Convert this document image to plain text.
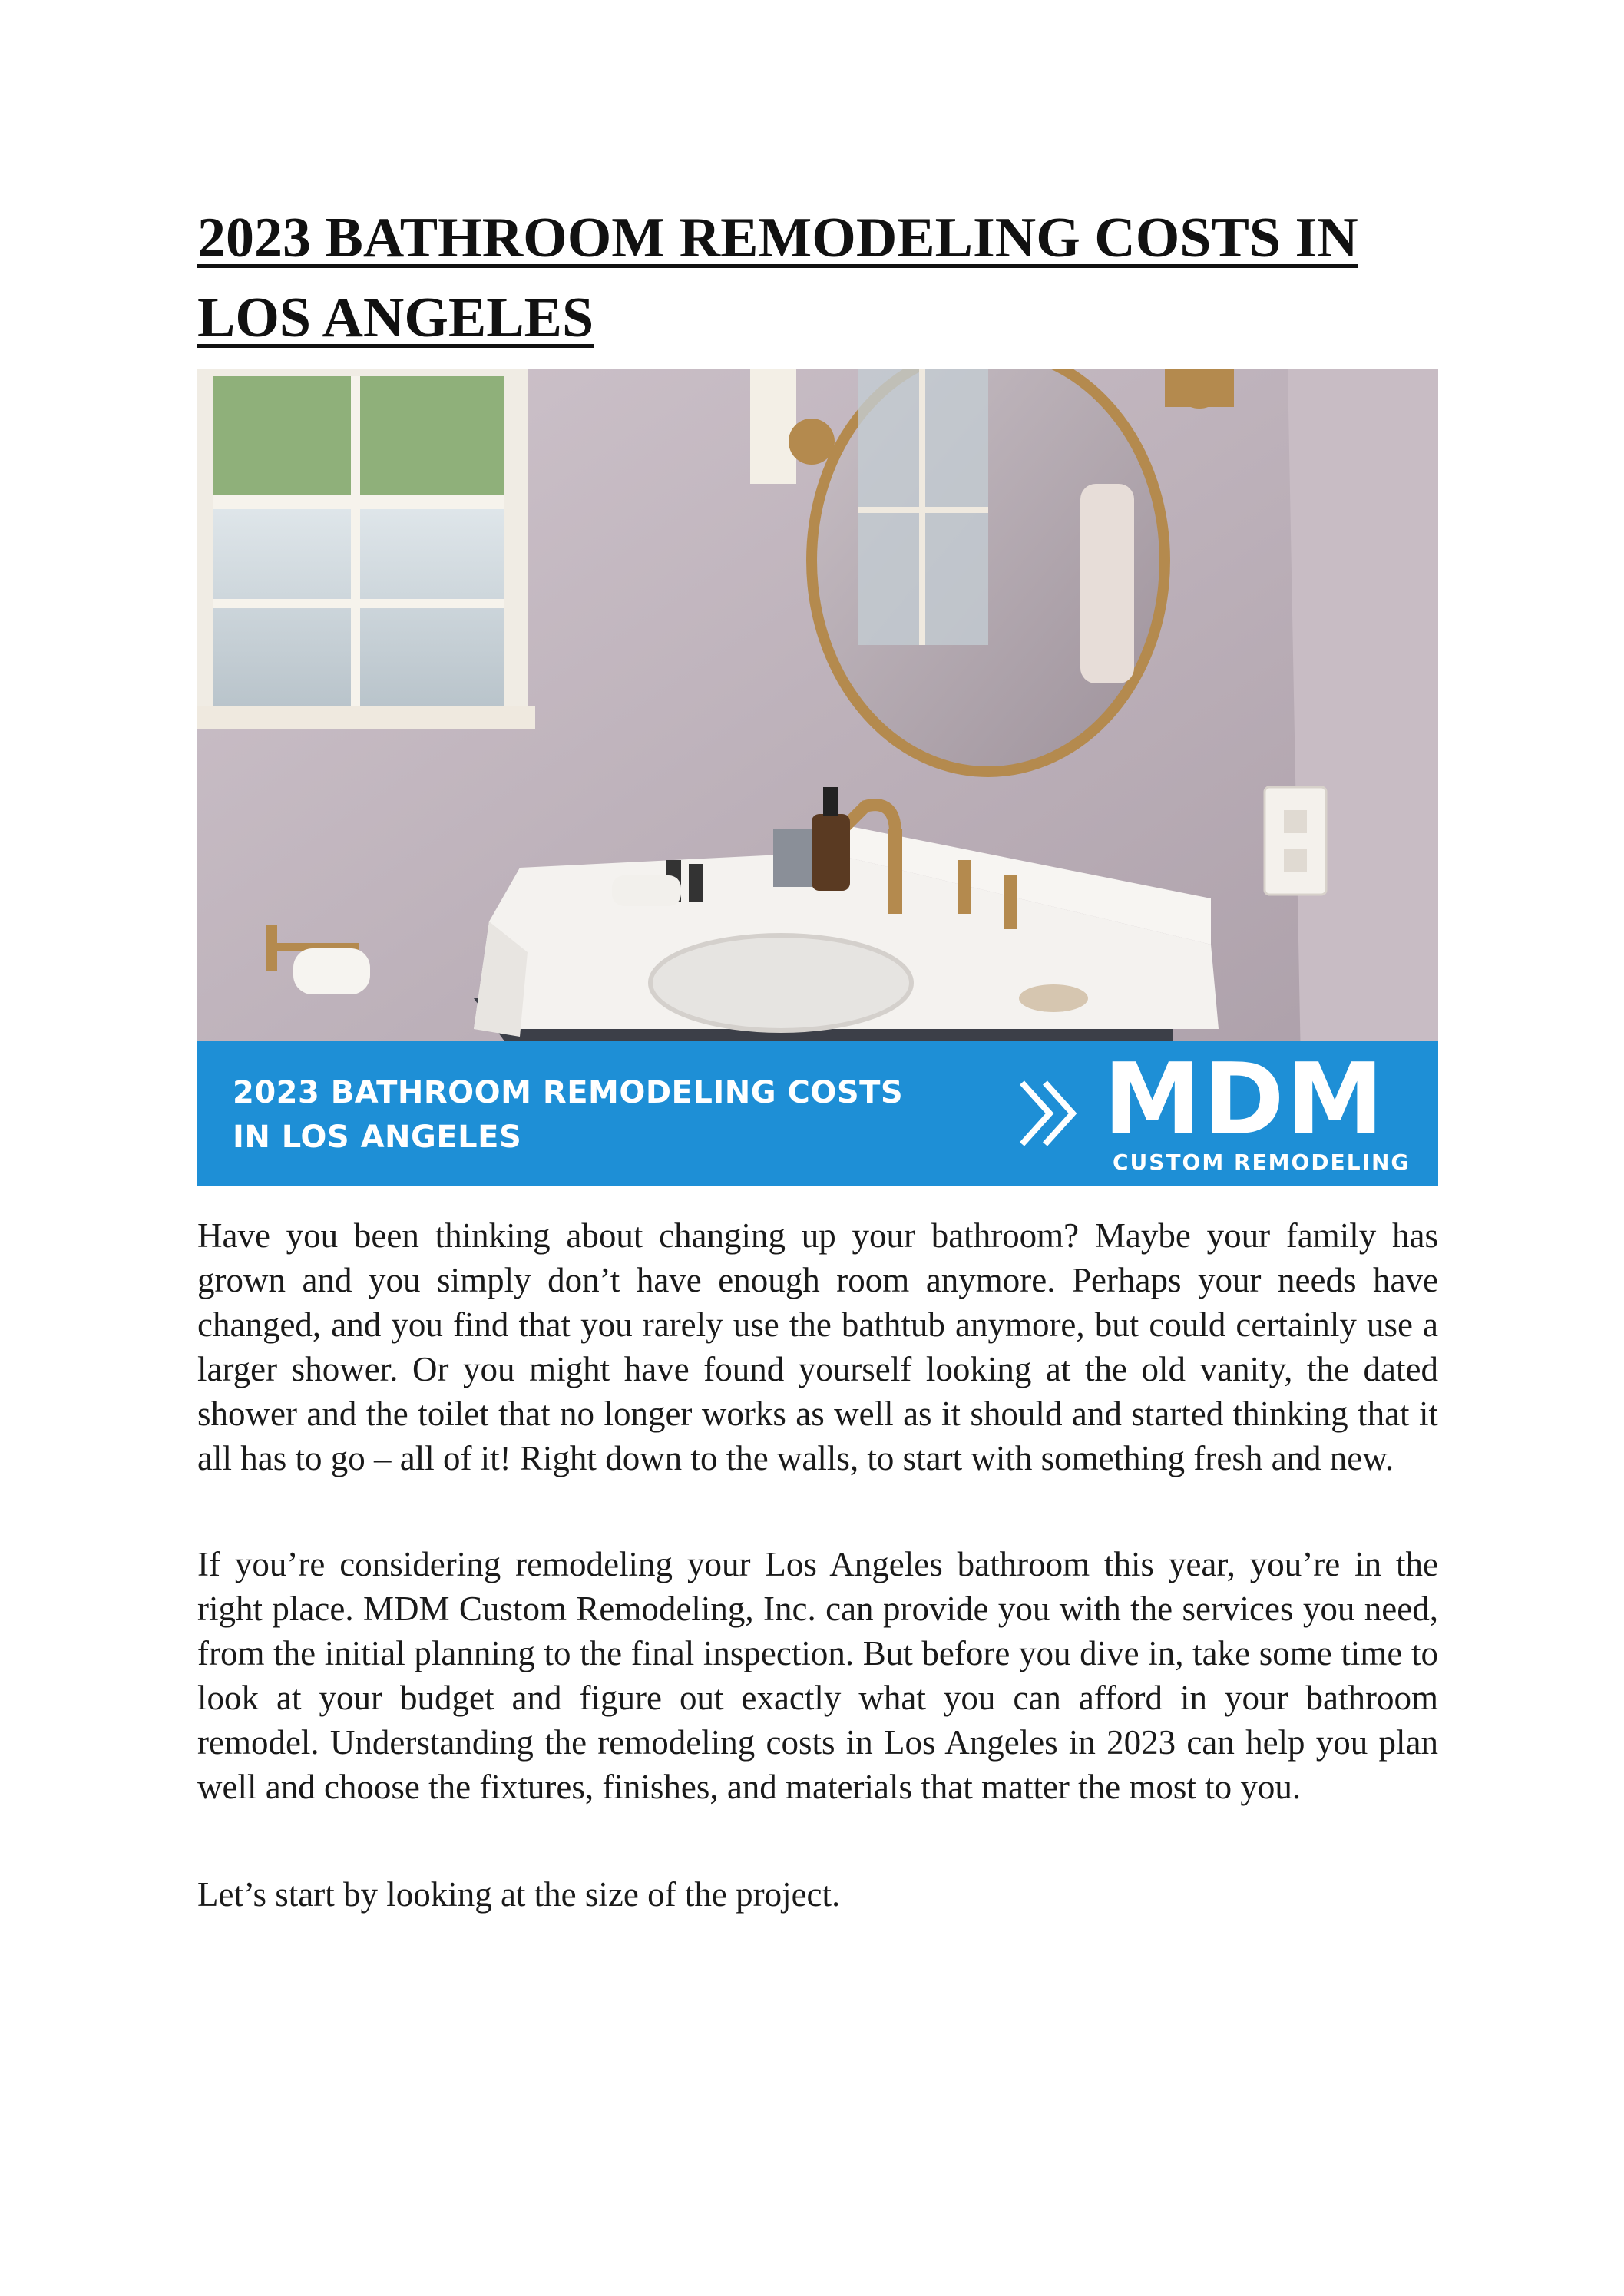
2023 BATHROOM REMODELING COSTS IN LOS ANGELES
2023 BATHROOM REMODELING COSTS IN LOS ANGELES	MDM
CUSTOM REMODELING

Have you been thinking about changing up your bathroom? Maybe your family has grown and you simply don’t have enough room anymore. Perhaps your needs have changed, and you find that you rarely use the bathtub anymore, but could certainly use a larger shower. Or you might have found yourself looking at the old vanity, the dated shower and the toilet that no longer works as well as it should and started thinking that it all has to go – all of it! Right down to the walls, to start with something fresh and new.

If you’re considering remodeling your Los Angeles bathroom this year, you’re in the right place. MDM Custom Remodeling, Inc. can provide you with the services you need, from the initial planning to the final inspection. But before you dive in, take some time to look at your budget and figure out exactly what you can afford in your bathroom remodel. Understanding the remodeling costs in Los Angeles in 2023 can help you plan well and choose the fixtures, finishes, and materials that matter the most to you.

Let’s start by looking at the size of the project.
